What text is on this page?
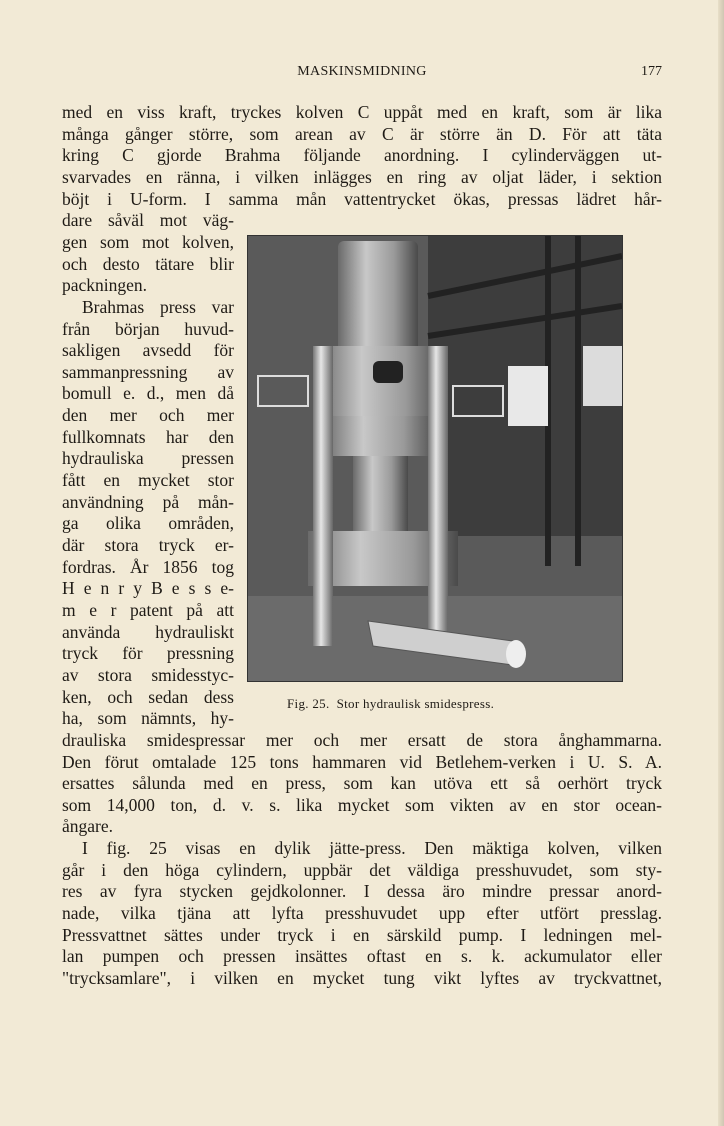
MASKINSMIDNING	177
med en viss kraft, tryckes kolven C uppåt med en kraft, som är lika
många gånger större, som arean av C är större än D. För att täta
kring C gjorde Brahma följande anordning. I cylinderväggen ut-
svarvades en ränna, i vilken inlägges en ring av oljat läder, i sektion
böjt i U-form. I samma mån vattentrycket ökas, pressas lädret hår-
dare såväl mot väg-
gen som mot kolven,
och desto tätare blir
packningen.
Brahmas press var
från början huvud-
sakligen avsedd för
sammanpressning av
bomull e. d., men då
den mer och mer
fullkomnats har den
hydrauliska pressen
fått en mycket stor
användning på mån-
ga olika områden,
där stora tryck er-
fordras. År 1856 tog
H e n r y B e s s e-
m e r patent på att
använda hydrauliskt
tryck för pressning
av stora smidesstyc-
ken, och sedan dess
ha, som nämnts, hy-
drauliska smidespressar mer och mer ersatt de stora ånghammarna.
Den förut omtalade 125 tons hammaren vid Betlehem-verken i U. S. A.
ersattes sålunda med en press, som kan utöva ett så oerhört tryck
som 14,000 ton, d. v. s. lika mycket som vikten av en stor ocean-
ångare.
I fig. 25 visas en dylik jätte-press. Den mäktiga kolven, vilken
går i den höga cylindern, uppbär det väldiga presshuvudet, som sty-
res av fyra stycken gejdkolonner. I dessa äro mindre pressar anord-
nade, vilka tjäna att lyfta presshuvudet upp efter utfört presslag.
Pressvattnet sättes under tryck i en särskild pump. I ledningen mel-
lan pumpen och pressen insättes oftast en s. k. ackumulator eller
"trycksamlare", i vilken en mycket tung vikt lyftes av tryckvattnet,
Fig. 25.  Stor hydraulisk smidespress.
